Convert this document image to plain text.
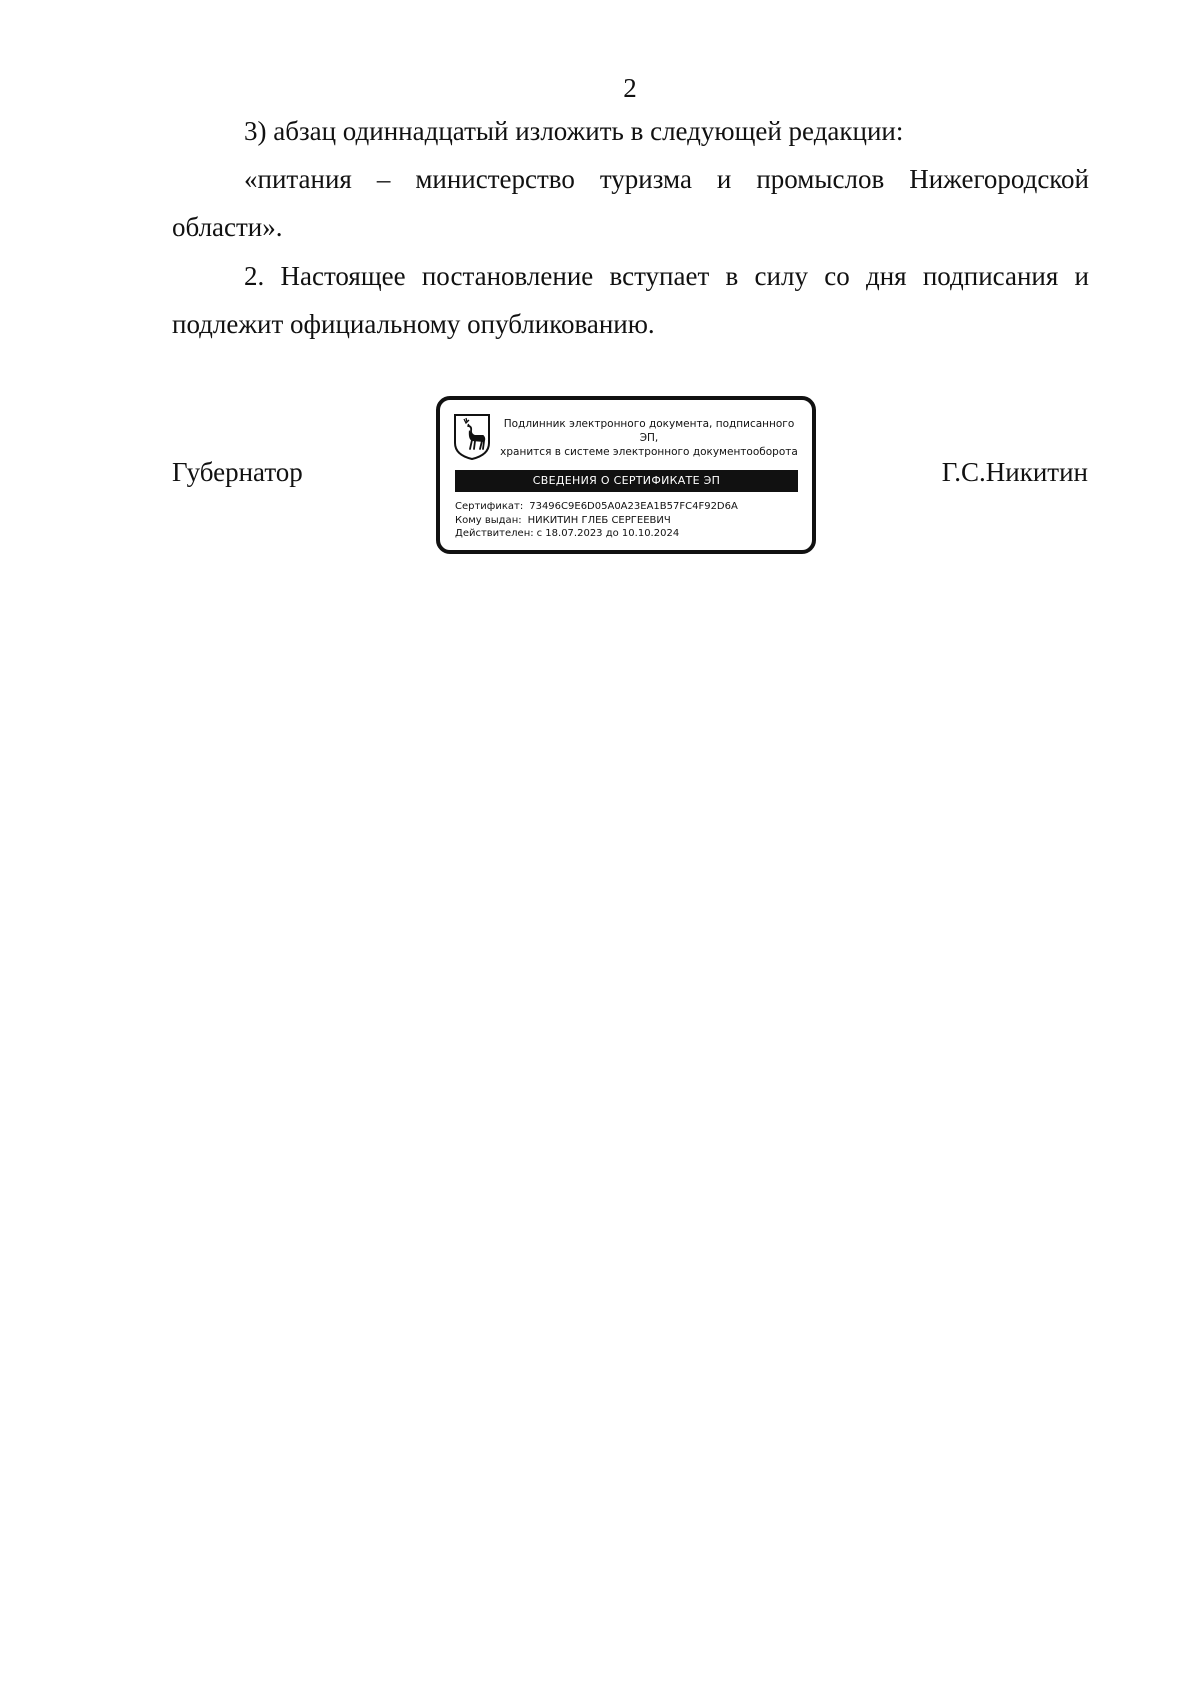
2

3) абзац одиннадцатый изложить в следующей редакции:

«питания – министерство туризма и промыслов Нижегородской области».

2. Настоящее постановление вступает в силу со дня подписания и подлежит официальному опубликованию.

Губернатор	Г.С.Никитин
Подлинник электронного документа, подписанного ЭП,
хранится в системе электронного документооборота
СВЕДЕНИЯ О СЕРТИФИКАТЕ ЭП
Сертификат: 73496C9E6D05A0A23EA1B57FC4F92D6A
Кому выдан: НИКИТИН ГЛЕБ СЕРГЕЕВИЧ
Действителен: с 18.07.2023 до 10.10.2024
